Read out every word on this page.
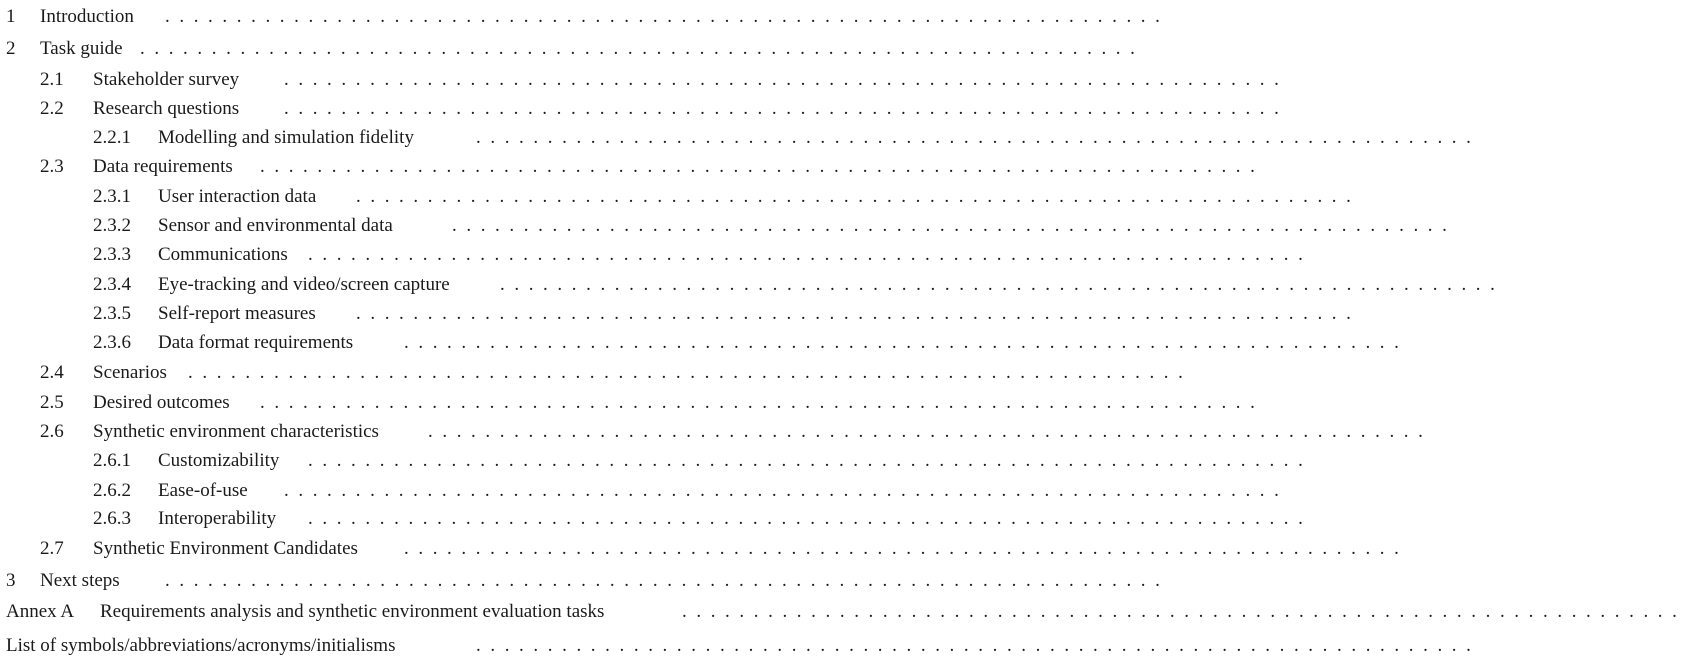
1 Introduction ......................................................................
2 Task guide ......................................................................
2.1 Stakeholder survey ......................................................................
2.2 Research questions ......................................................................
2.2.1 Modelling and simulation fidelity	......................................................................
2.3 Data requirements ......................................................................
2.3.1 User interaction data ......................................................................
2.3.2 Sensor and environmental data	......................................................................
2.3.3 Communications ......................................................................
2.3.4 Eye-tracking and video/screen capture	......................................................................
2.3.5 Self-report measures ......................................................................
2.3.6 Data format requirements	......................................................................
2.4 Scenarios ......................................................................
2.5 Desired outcomes ......................................................................
2.6 Synthetic environment characteristics	......................................................................
2.6.1 Customizability ......................................................................
2.6.2 Ease-of-use ......................................................................
2.6.3 Interoperability ......................................................................
2.7 Synthetic Environment Candidates ......................................................................
3 Next steps ......................................................................
Annex A Requirements analysis and synthetic environment evaluation tasks	......................................................................
List of symbols/abbreviations/acronyms/initialisms	......................................................................
